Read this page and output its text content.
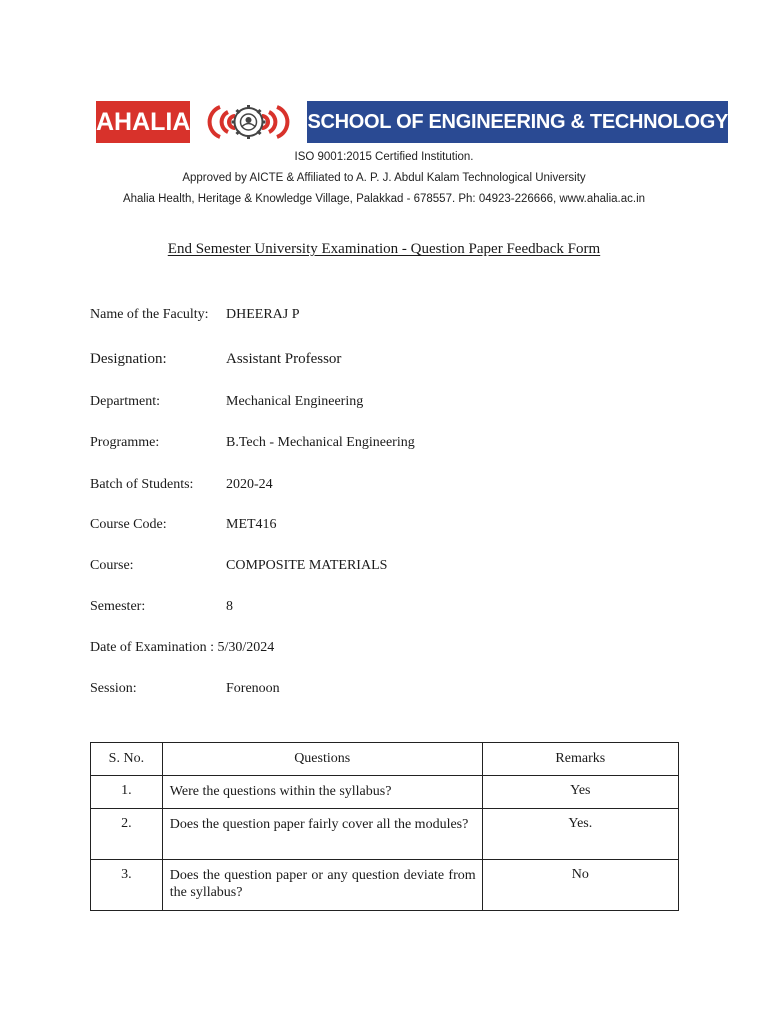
AHALIA	SCHOOL OF ENGINEERING & TECHNOLOGY
ISO 9001:2015 Certified Institution.
Approved by AICTE & Affiliated to A. P. J. Abdul Kalam Technological University
Ahalia Health, Heritage & Knowledge Village, Palakkad - 678557. Ph: 04923-226666, www.ahalia.ac.in
End Semester University Examination - Question Paper Feedback Form
Name of the Faculty: DHEERAJ P
Designation:	Assistant Professor
Department:	Mechanical Engineering
Programme:	B.Tech - Mechanical Engineering
Batch of Students: 2020-24
Course Code:	MET416
Course:	COMPOSITE MATERIALS
Semester:	8
Date of Examination : 5/30/2024
Session:	Forenoon
S. No.	Questions	Remarks
1.	Were the questions within the syllabus?	Yes
2.	Does the question paper fairly cover all the modules?	Yes.
3.	Does the question paper or any question deviate from the syllabus?	No
